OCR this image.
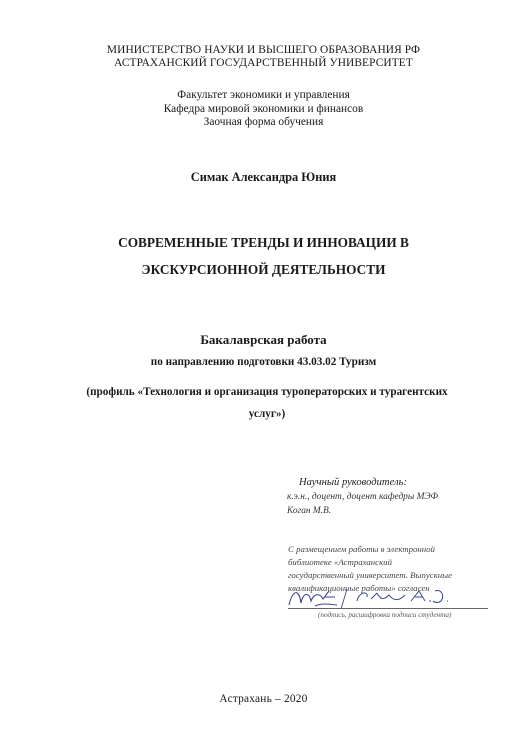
МИНИСТЕРСТВО НАУКИ И ВЫСШЕГО ОБРАЗОВАНИЯ РФ
АСТРАХАНСКИЙ ГОСУДАРСТВЕННЫЙ УНИВЕРСИТЕТ
Факультет экономики и управления
Кафедра мировой экономики и финансов
Заочная форма обучения
Симак Александра Юния
СОВРЕМЕННЫЕ ТРЕНДЫ И ИННОВАЦИИ В
ЭКСКУРСИОННОЙ ДЕЯТЕЛЬНОСТИ
Бакалаврская работа
по направлению подготовки 43.03.02 Туризм
(профиль «Технология и организация туроператорских и турагентских
услуг»)
Научный руководитель:
к.э.н., доцент, доцент кафедры МЭФ
Коган М.В.
С размещением работы в электронной
библиотеке «Астраханский
государственный университет. Выпускные
квалификационные работы» согласен
(подпись, расшифровка подписи студента)
Астрахань – 2020
